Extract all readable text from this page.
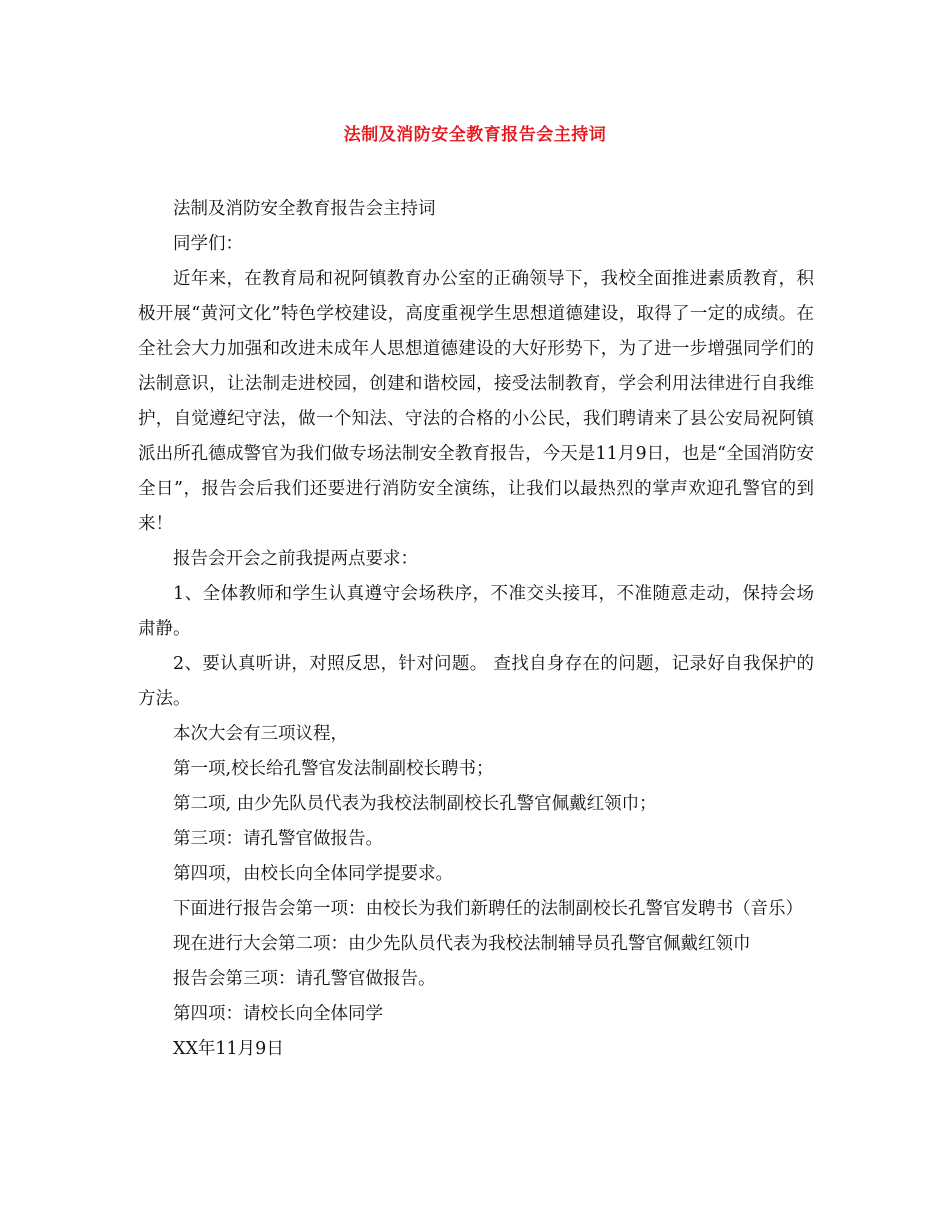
法制及消防安全教育报告会主持词

法制及消防安全教育报告会主持词

同学们：

近年来，在教育局和祝阿镇教育办公室的正确领导下，我校全面推进素质教育，积极开展“黄河文化”特色学校建设，高度重视学生思想道德建设，取得了一定的成绩。在全社会大力加强和改进未成年人思想道德建设的大好形势下，为了进一步增强同学们的法制意识，让法制走进校园，创建和谐校园，接受法制教育，学会利用法律进行自我维护，自觉遵纪守法，做一个知法、守法的合格的小公民，我们聘请来了县公安局祝阿镇派出所孔德成警官为我们做专场法制安全教育报告，今天是11月9日，也是“全国消防安全日”，报告会后我们还要进行消防安全演练，让我们以最热烈的掌声欢迎孔警官的到来！

报告会开会之前我提两点要求：

1、全体教师和学生认真遵守会场秩序，不准交头接耳，不准随意走动，保持会场肃静。

2、要认真听讲，对照反思，针对问题。 查找自身存在的问题，记录好自我保护的方法。

本次大会有三项议程，

第一项,校长给孔警官发法制副校长聘书；

第二项, 由少先队员代表为我校法制副校长孔警官佩戴红领巾；

第三项：请孔警官做报告。

第四项，由校长向全体同学提要求。

下面进行报告会第一项：由校长为我们新聘任的法制副校长孔警官发聘书（音乐）

现在进行大会第二项：由少先队员代表为我校法制辅导员孔警官佩戴红领巾

报告会第三项：请孔警官做报告。

第四项：请校长向全体同学

XX年11月9日
